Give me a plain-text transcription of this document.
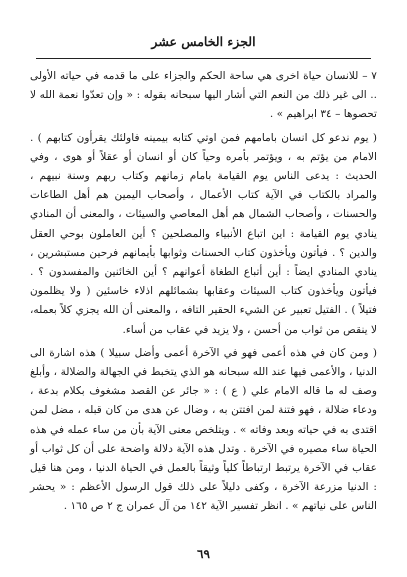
الجزء الخامس عشر

٧ – للانسان حياة اخرى هي ساحة الحكم والجزاء على ما قدمه في حياته الأولى .. الى غير ذلك من النعم التي أشار اليها سبحانه بقوله : « وإن تعدّوا نعمة الله لا تحصوها – ٣٤ ابراهيم » .

( يوم ندعو كل انسان بامامهم فمن اوتي كتابه بيمينه فاولئك يقرأون كتابهم ) . الامام من يؤتم به ، ويؤتمر بأمره وحياً كان أو انسان أو عقلاً أو هوى ، وفي الحديث : يدعى الناس يوم القيامة بامام زمانهم وكتاب ربهم وسنة نبيهم ، والمراد بالكتاب في الآية كتاب الأعمال ، وأصحاب اليمين هم أهل الطاعات والحسنات ، وأصحاب الشمال هم أهل المعاصي والسيئات ، والمعنى أن المنادي ينادي يوم القيامة : اين اتباع الأنبياء والمصلحين ؟ أين العاملون بوحي العقل والدين ؟ . فيأتون ويأخذون كتاب الحسنات وثوابها بأيمانهم فرحين مستبشرين ، ينادي المنادي ايضاً : أين أتباع الطغاة أعوانهم ؟ أين الخائنين والمفسدون ؟ . فيأتون ويأخذون كتاب السيئات وعقابها بشمائلهم اذلاء خاسئين ( ولا يظلمون فتيلاً ) . الفتيل تعبير عن الشيء الحقير التافه ، والمعنى أن الله يجزي كلاً بعمله، لا ينقص من ثواب من أحسن ، ولا يزيد في عقاب من أساء.

( ومن كان في هذه أعمى فهو في الآخرة أعمى وأضل سبيلا ) هذه اشارة الى الدنيا ، والأعمى فيها عند الله سبحانه هو الذي يتخبط في الجهالة والضلالة ، وأبلغ وصف له ما قاله الامام علي ( ع ) : « جائر عن القصد مشغوف بكلام بدعة ، ودعاء ضلالة ، فهو فتنة لمن افتتن به ، وضال عن هدى من كان قبله ، مضل لمن اقتدى به في حياته وبعد وفاته » . ويتلخص معنى الآية بأن من ساء عمله في هذه الحياة ساء مصيره في الآخرة . وتدل هذه الآية دلالة واضحة على أن كل ثواب أو عقاب في الآخرة يرتبط ارتباطاً كلياً وثيقاً بالعمل في الحياة الدنيا ، ومن هنا قيل : الدنيا مزرعة الآخرة ، وكفى دليلاً على ذلك قول الرسول الأعظم : « يحشر الناس على نياتهم » . انظر تفسير الآية ١٤٢ من آل عمران ج ٢ ص ١٦٥ .

٦٩
